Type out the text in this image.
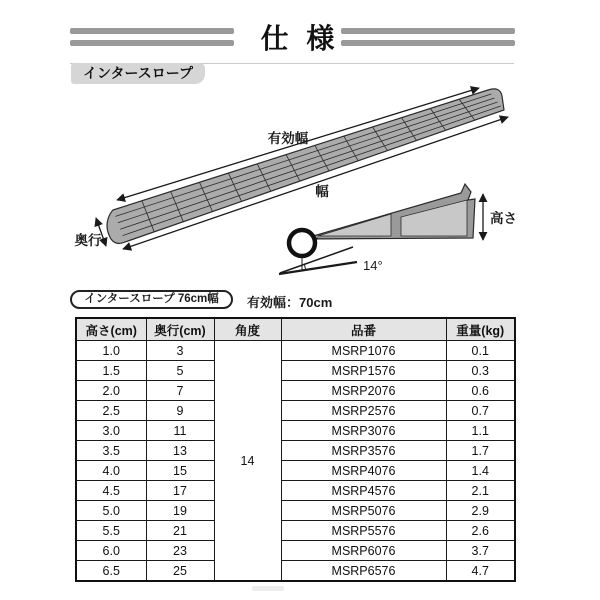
仕 様
インタースロープ
有効幅
幅
奥行
高さ
14°
インタースロープ 76cm幅	有効幅：70cm
高さ(cm)	奥行(cm)	角度	品番	重量(kg)
1.0	3	14	MSRP1076	0.1
1.5	5		MSRP1576	0.3
2.0	7		MSRP2076	0.6
2.5	9		MSRP2576	0.7
3.0	11		MSRP3076	1.1
3.5	13		MSRP3576	1.7
4.0	15		MSRP4076	1.4
4.5	17		MSRP4576	2.1
5.0	19		MSRP5076	2.9
5.5	21		MSRP5576	2.6
6.0	23		MSRP6076	3.7
6.5	25		MSRP6576	4.7
